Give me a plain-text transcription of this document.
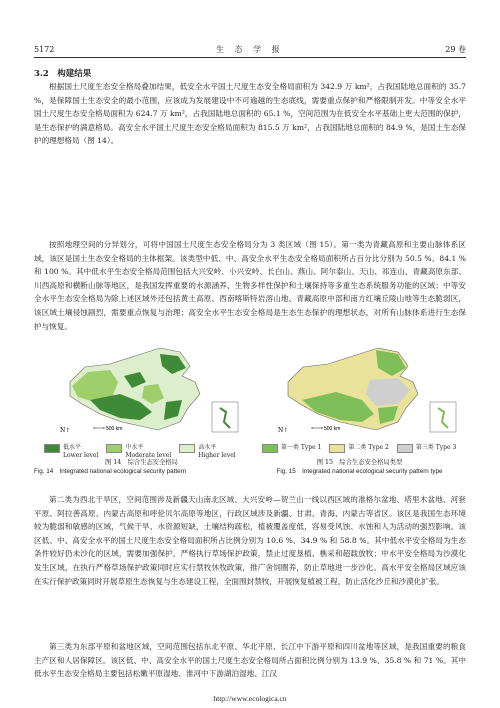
5172	生 态 学 报	29 卷
3.2　构建结果

根据国土尺度生态安全格局叠加结果，低安全水平国土尺度生态安全格局面积为 342.9 万 km²，占我国陆地总面积的 35.7 %，是保障国土生态安全的最小范围，应该成为发展建设中不可逾越的生态底线，需要重点保护和严格限制开发。中等安全水平国土尺度生态安全格局面积为 624.7 万 km²，占我国陆地总面积的 65.1 %，空间范围为在低安全水平基础上更大范围的保护，是生态保护的满意格局。高安全水平国土尺度生态安全格局面积为 815.5 万 km²，占我国陆地总面积的 84.9 %，是国土生态保护的理想格局（图 14）。

按照地理空间的分异划分，可将中国国土尺度生态安全格局分为 3 类区域（图 15）。第一类为青藏高原和主要山脉体系区域，该区是国土生态安全格局的主体框架。该类型中低、中、高安全水平生态安全格局面积所占百分比分别为 50.5 %、84.1 % 和 100 %。其中低水平生态安全格局范围包括大兴安岭、小兴安岭、长白山、燕山、阿尔泰山、天山、祁连山、青藏高原东部、川西高原和横断山脉等地区，是我国发挥重要的水源涵养、生物多样性保护和土壤保持等多重生态系统服务功能的区域；中等安全水平生态安全格局为除上述区域外还包括黄土高原、西南喀斯特岩溶山地、青藏高原中部和南方红壤丘陵山地等生态脆弱区，该区域土壤侵蚀剧烈，需要重点恢复与治理；高安全水平生态安全格局是生态生态保护的理想状态，对所有山脉体系进行生态保护与恢复。

500 km
N↑	500 km
N↑
低水平
Lower level
中水平
Moderate level
高水平
Higher level
第一类 Type 1	第二类 Type 2	第三类 Type 3
图 14　综合生态安全格局
Fig. 14　Integrated national ecological security pattern
图 15　综合生态安全格局类型
Fig. 15　Integrated national ecological security pattern type

第二类为西北干旱区，空间范围涉及新疆天山南北区域、大兴安岭—贺兰山一线以西区域的准格尔盆地、塔里木盆地、河套平原、阿拉善高原、内蒙古高原和呼伦贝尔高原等地区，行政区域涉及新疆、甘肃、青海、内蒙古等省区。该区是我国生态环境较为脆弱和敏感的区域，气候干旱、水资源短缺，土壤结构疏松，植被覆盖度低，容易受风蚀、水蚀和人为活动的强烈影响。该区低、中、高安全水平的国土尺度生态安全格局面积所占比例分别为 10.6 %、34.9 % 和 58.8 %。其中低水平安全格局为生态条件较好仍未沙化的区域，需要加强保护，严格执行草场保护政策，禁止过度垦植、樵采和超载放牧；中水平安全格局为沙漠化发生区域，在执行严格草场保护政策同时应实行禁牧休牧政策，推广舍饲圈养，防止草地进一步沙化。高水平安全格局区域应该在实行保护政策同时开展草原生态恢复与生态建设工程，全面围封禁牧，开展恢复植被工程，防止活化沙丘和沙漠化扩张。

第三类为东部平原和盆地区域，空间范围包括东北平原、华北平原、长江中下游平原和四川盆地等区域，是我国重要的粮食主产区和人居保障区。该区低、中、高安全水平的国土尺度生态安全格局所占面积比例分别为 13.9 %、35.8 % 和 71 %。其中低水平生态安全格局主要包括松嫩平原湿地、淮河中下游湖泊湿地、江汉

http://www.ecologica.cn
